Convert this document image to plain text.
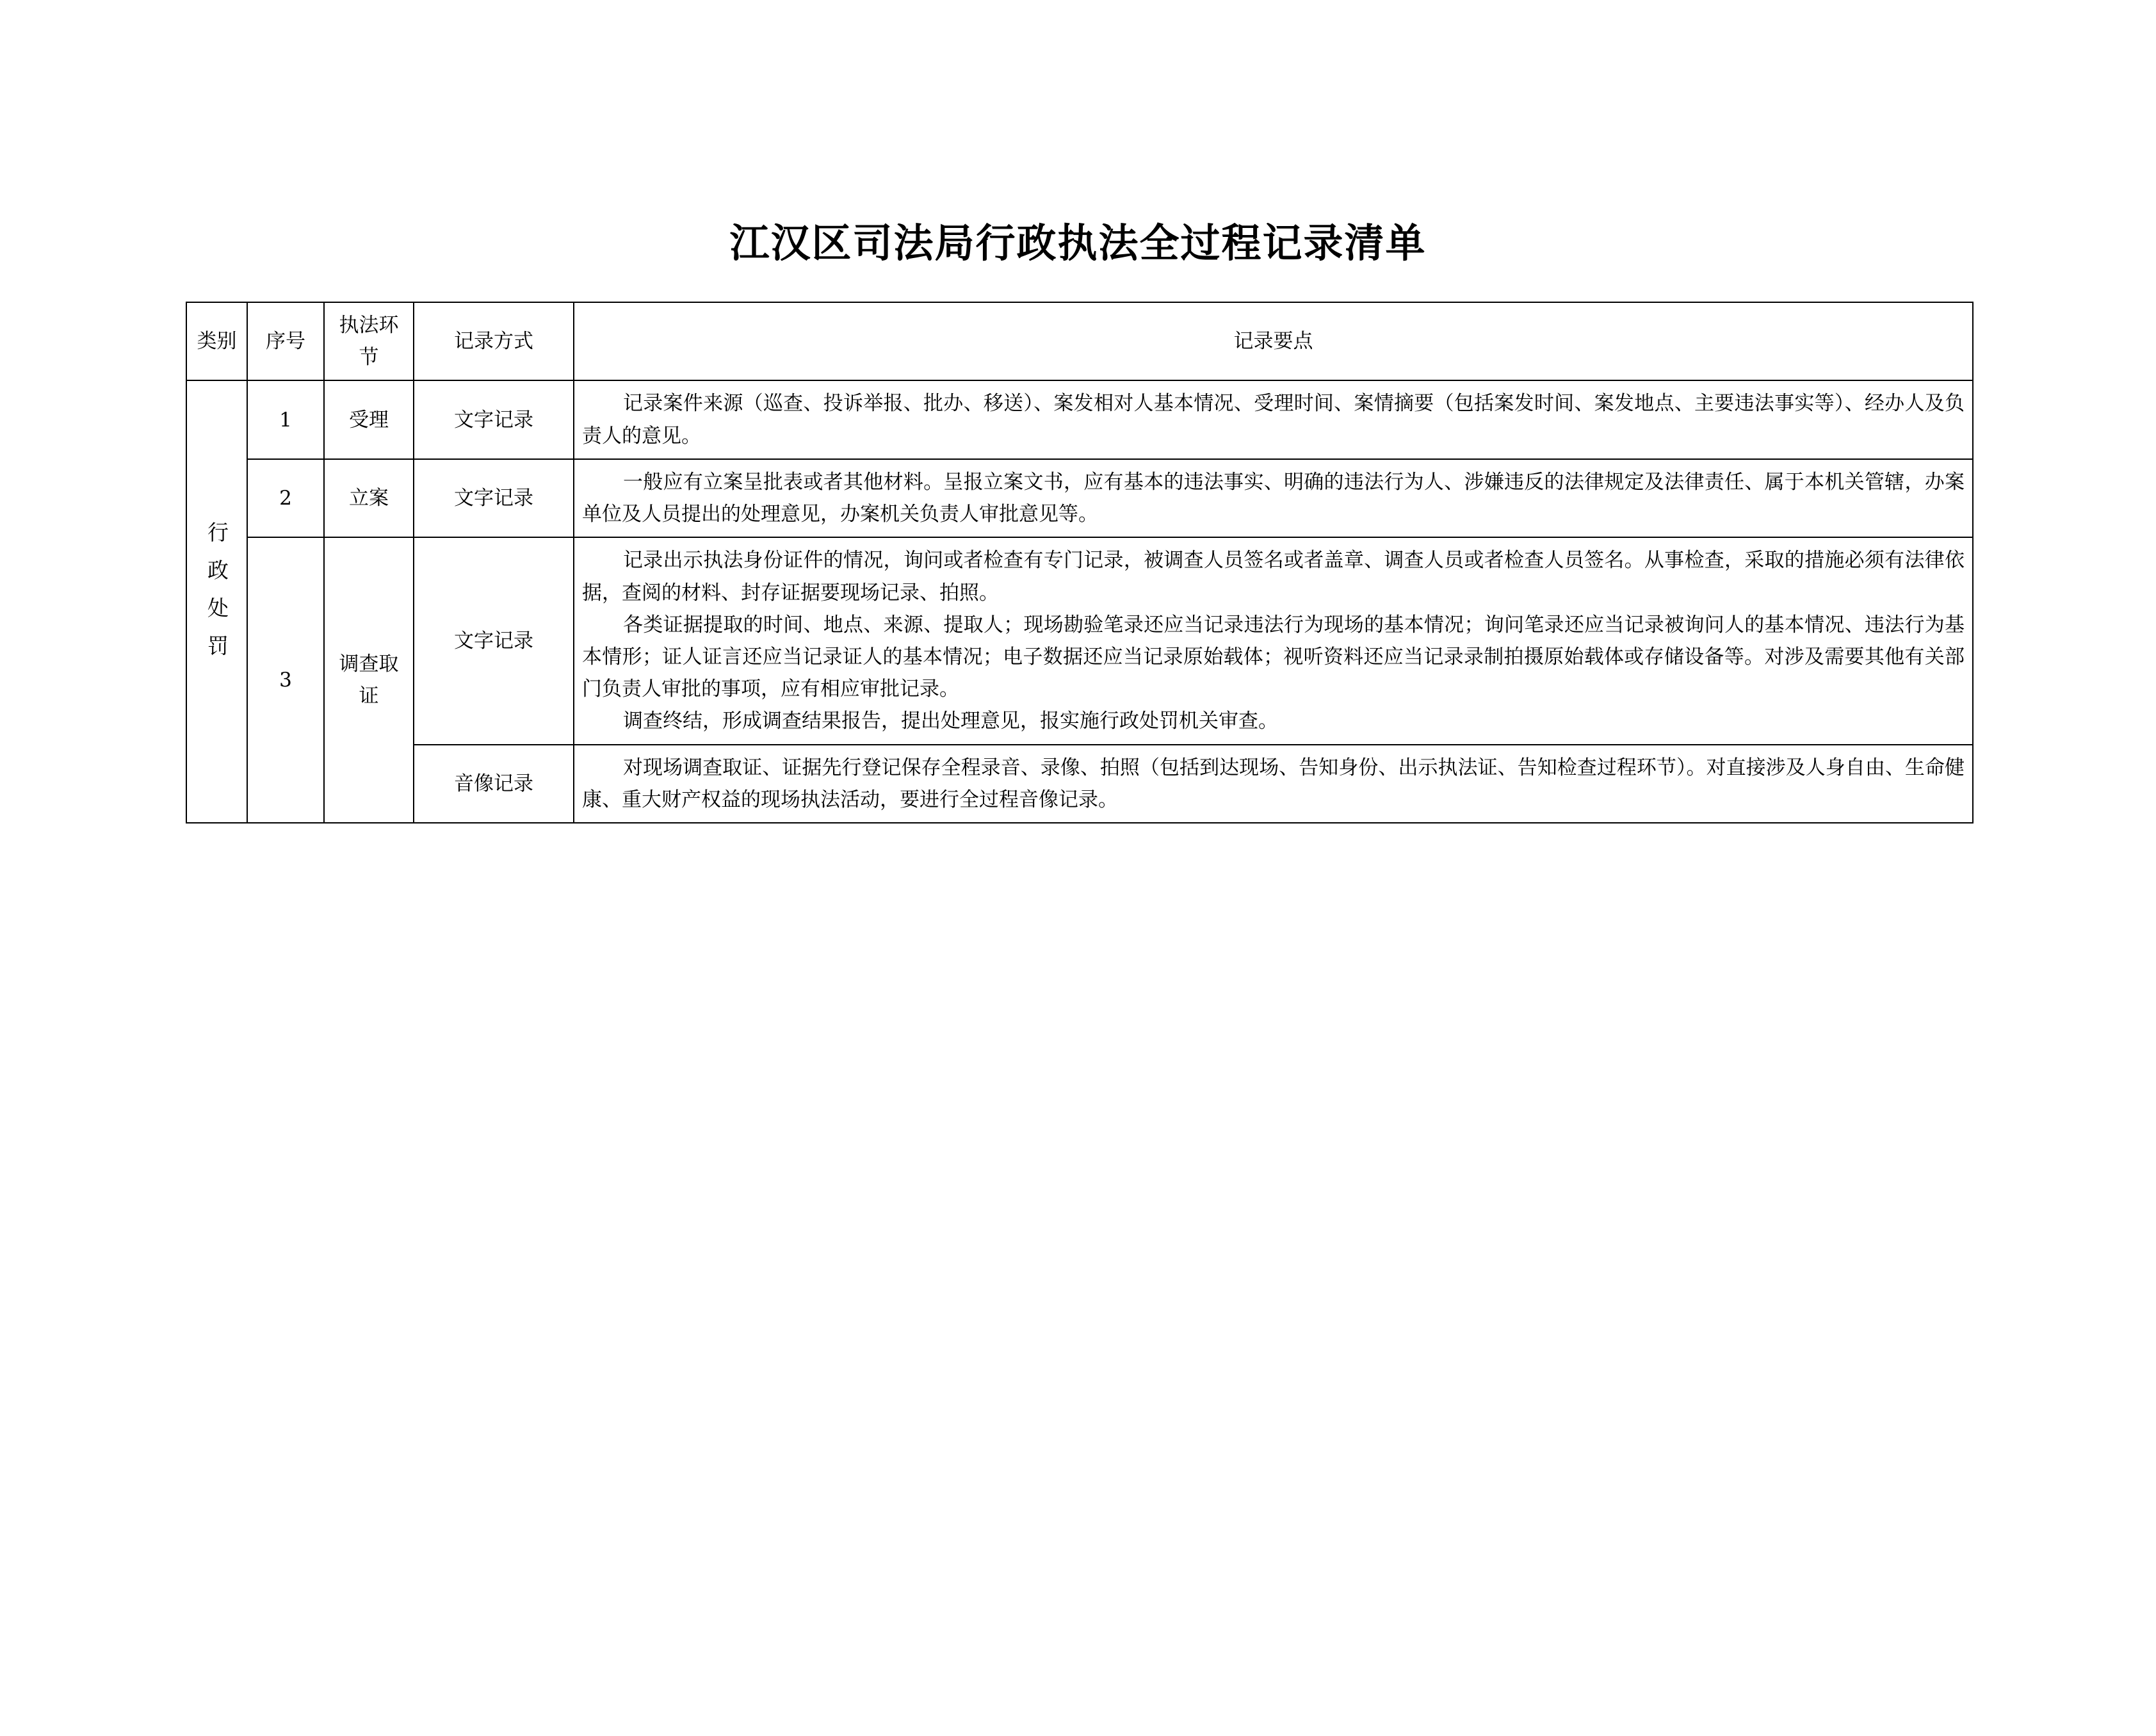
江汉区司法局行政执法全过程记录清单
类别	序号	执法环节	记录方式	记录要点
行政处罚	1	受理	文字记录	记录案件来源（巡查、投诉举报、批办、移送）、案发相对人基本情况、受理时间、案情摘要（包括案发时间、案发地点、主要违法事实等）、经办人及负责人的意见。

	2	立案	文字记录	一般应有立案呈批表或者其他材料。呈报立案文书，应有基本的违法事实、明确的违法行为人、涉嫌违反的法律规定及法律责任、属于本机关管辖，办案单位及人员提出的处理意见，办案机关负责人审批意见等。

	3	调查取证	文字记录	记录出示执法身份证件的情况，询问或者检查有专门记录，被调查人员签名或者盖章、调查人员或者检查人员签名。从事检查，采取的措施必须有法律依据，查阅的材料、封存证据要现场记录、拍照。

各类证据提取的时间、地点、来源、提取人；现场勘验笔录还应当记录违法行为现场的基本情况；询问笔录还应当记录被询问人的基本情况、违法行为基本情形；证人证言还应当记录证人的基本情况；电子数据还应当记录原始载体；视听资料还应当记录录制拍摄原始载体或存储设备等。对涉及需要其他有关部门负责人审批的事项，应有相应审批记录。

调查终结，形成调查结果报告，提出处理意见，报实施行政处罚机关审查。

			音像记录	对现场调查取证、证据先行登记保存全程录音、录像、拍照（包括到达现场、告知身份、出示执法证、告知检查过程环节）。对直接涉及人身自由、生命健康、重大财产权益的现场执法活动，要进行全过程音像记录。
